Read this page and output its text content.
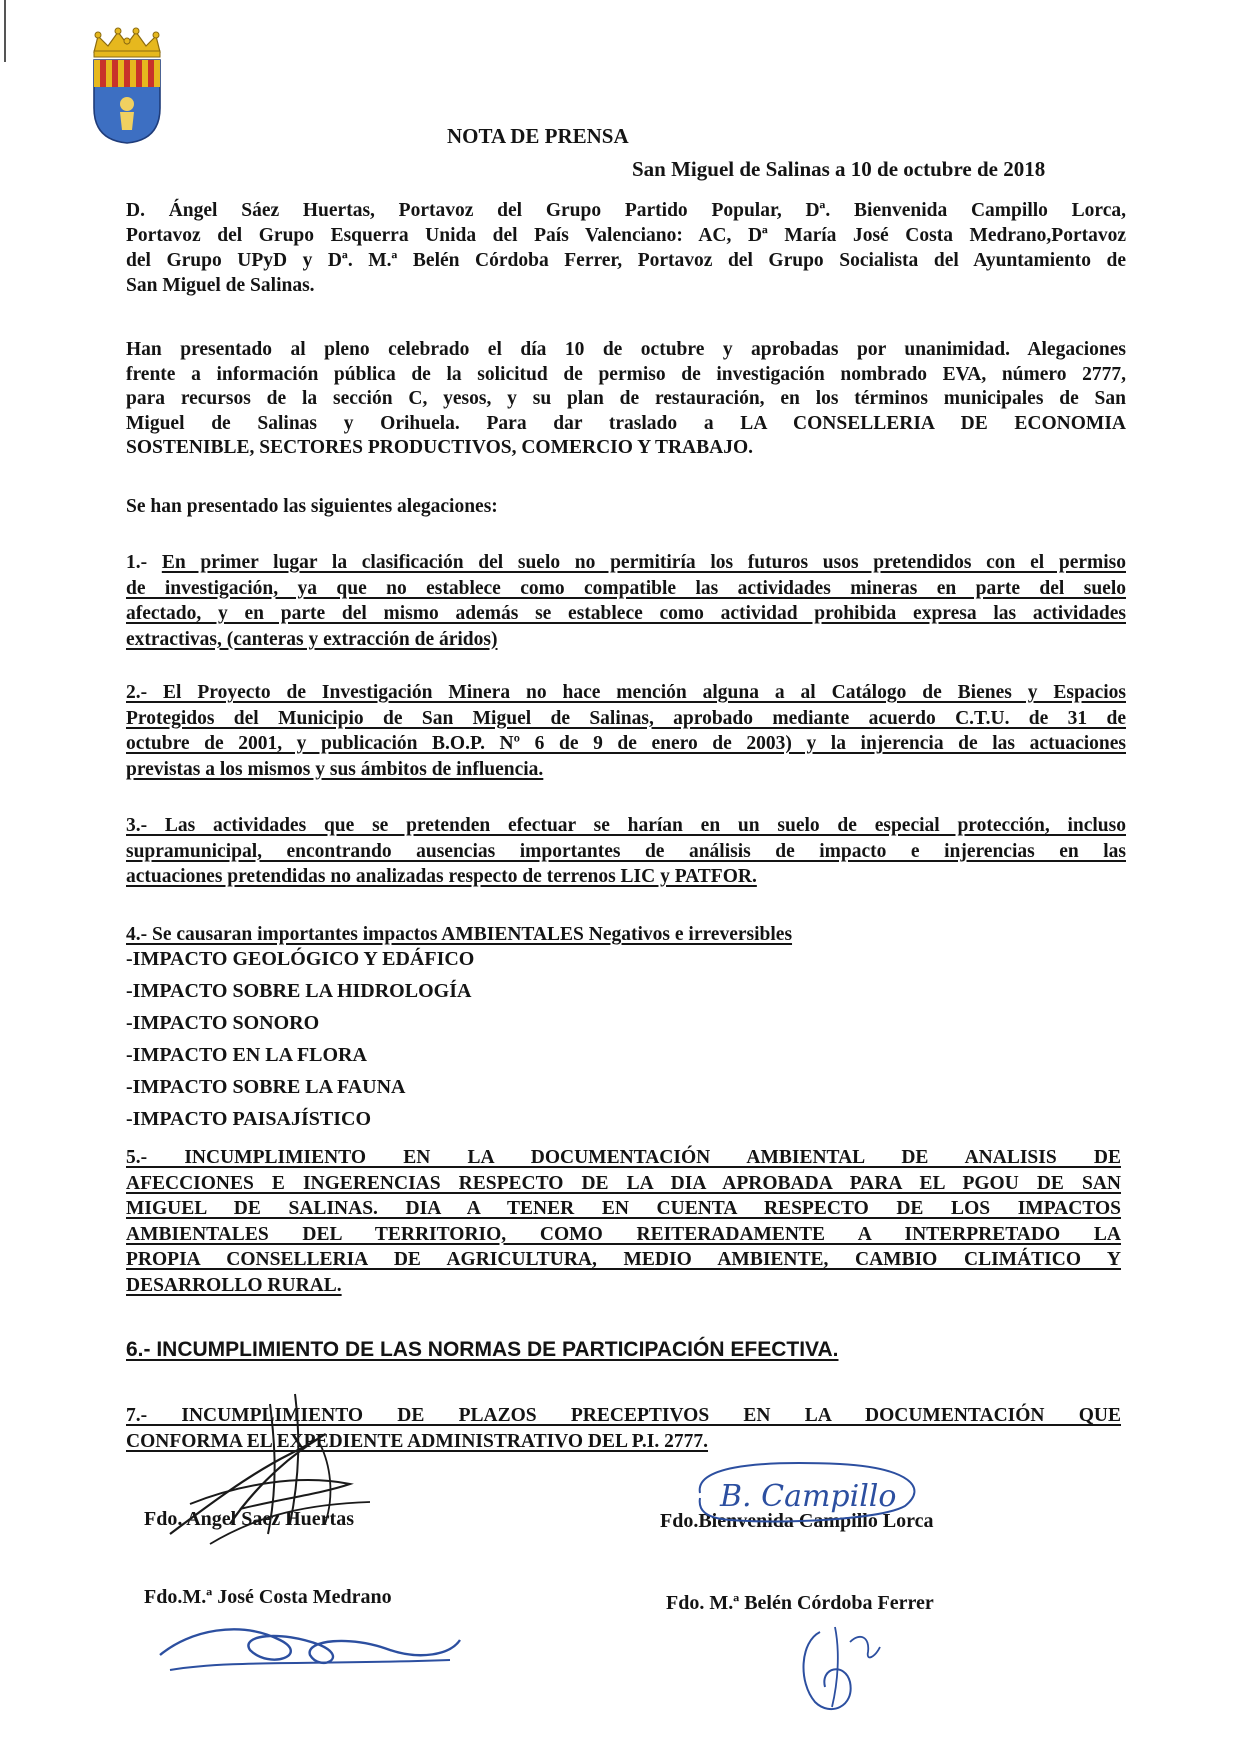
NOTA DE PRENSA
San Miguel de Salinas a 10 de octubre de 2018
D. Ángel Sáez Huertas, Portavoz del Grupo Partido Popular, Dª. Bienvenida Campillo Lorca,
Portavoz del Grupo Esquerra Unida del País Valenciano: AC, Dª María José Costa Medrano,Portavoz
del Grupo UPyD y Dª. M.ª Belén Córdoba Ferrer, Portavoz del Grupo Socialista del Ayuntamiento de
San Miguel de Salinas.
Han presentado al pleno celebrado el día 10 de octubre y aprobadas por unanimidad. Alegaciones
frente a información pública de la solicitud de permiso de investigación nombrado EVA, número 2777,
para recursos de la sección C, yesos, y su plan de restauración, en los términos municipales de San
Miguel de Salinas y Orihuela. Para dar traslado a LA CONSELLERIA DE ECONOMIA
SOSTENIBLE, SECTORES PRODUCTIVOS, COMERCIO Y TRABAJO.
Se han presentado las siguientes alegaciones:
1.- En primer lugar la clasificación del suelo no permitiría los futuros usos pretendidos con el permiso
de investigación, ya que no establece como compatible las actividades mineras en parte del suelo
afectado, y en parte del mismo además se establece como actividad prohibida expresa las actividades
extractivas, (canteras y extracción de áridos)
2.- El Proyecto de Investigación Minera no hace mención alguna a al Catálogo de Bienes y Espacios
Protegidos del Municipio de San Miguel de Salinas, aprobado mediante acuerdo C.T.U. de 31 de
octubre de 2001, y publicación B.O.P. Nº 6 de 9 de enero de 2003) y la injerencia de las actuaciones
previstas a los mismos y sus ámbitos de influencia.
3.- Las actividades que se pretenden efectuar se harían en un suelo de especial protección, incluso
supramunicipal, encontrando ausencias importantes de análisis de impacto e injerencias en las
actuaciones pretendidas no analizadas respecto de terrenos LIC y PATFOR.
4.- Se causaran importantes impactos AMBIENTALES Negativos e irreversibles
-IMPACTO GEOLÓGICO Y EDÁFICO
-IMPACTO SOBRE LA HIDROLOGÍA
-IMPACTO SONORO
-IMPACTO EN LA FLORA
-IMPACTO SOBRE LA FAUNA
-IMPACTO PAISAJÍSTICO
5.- INCUMPLIMIENTO EN LA DOCUMENTACIÓN AMBIENTAL DE ANALISIS DE
AFECCIONES E INGERENCIAS RESPECTO DE LA DIA APROBADA PARA EL PGOU DE SAN
MIGUEL DE SALINAS. DIA A TENER EN CUENTA RESPECTO DE LOS IMPACTOS
AMBIENTALES DEL TERRITORIO, COMO REITERADAMENTE A INTERPRETADO LA
PROPIA CONSELLERIA DE AGRICULTURA, MEDIO AMBIENTE, CAMBIO CLIMÁTICO Y
DESARROLLO RURAL.
6.- INCUMPLIMIENTO DE LAS NORMAS DE PARTICIPACIÓN EFECTIVA.
7.- INCUMPLIMIENTO DE PLAZOS PRECEPTIVOS EN LA DOCUMENTACIÓN QUE
CONFORMA EL EXPEDIENTE ADMINISTRATIVO DEL P.I. 2777.
Fdo. Angel Saez Huertas	Fdo.Bienvenida Campillo Lorca
Fdo.M.ª José Costa Medrano	Fdo. M.ª Belén Córdoba Ferrer
B. Campillo
